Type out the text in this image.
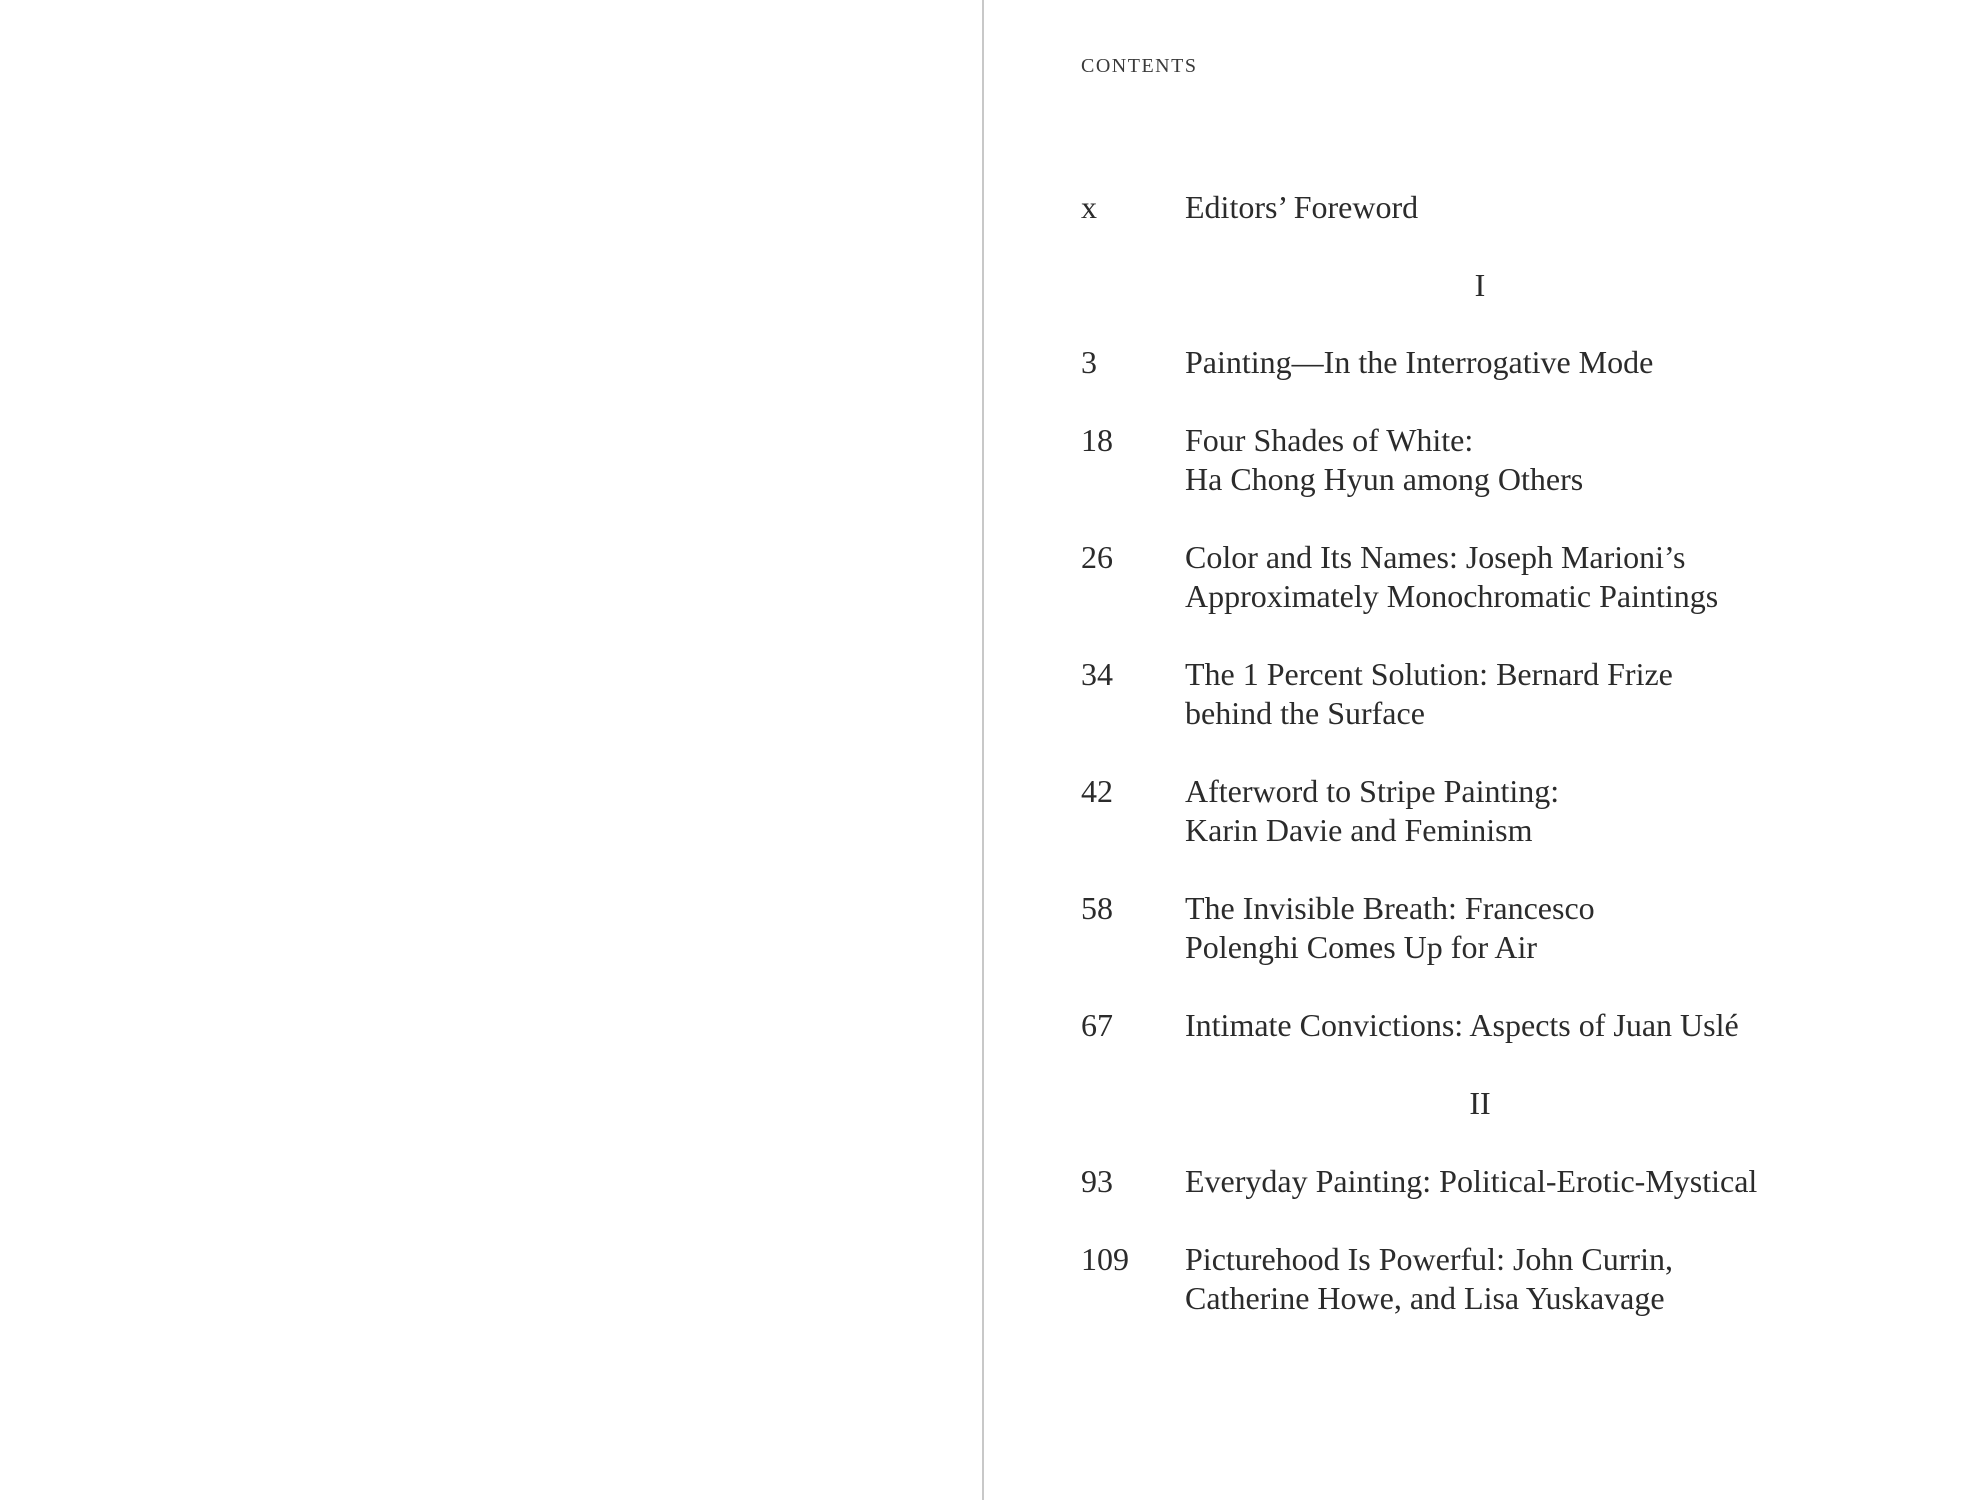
CONTENTS
x	Editors’ Foreword
I
3	Painting—In the Interrogative Mode
18	Four Shades of White:
Ha Chong Hyun among Others
26	Color and Its Names: Joseph Marioni’s
Approximately Monochromatic Paintings
34	The 1 Percent Solution: Bernard Frize
behind the Surface
42	Afterword to Stripe Painting:
Karin Davie and Feminism
58	The Invisible Breath: Francesco
Polenghi Comes Up for Air
67	Intimate Convictions: Aspects of Juan Uslé
II
93	Everyday Painting: Political-Erotic-Mystical
109	Picturehood Is Powerful: John Currin,
Catherine Howe, and Lisa Yuskavage
